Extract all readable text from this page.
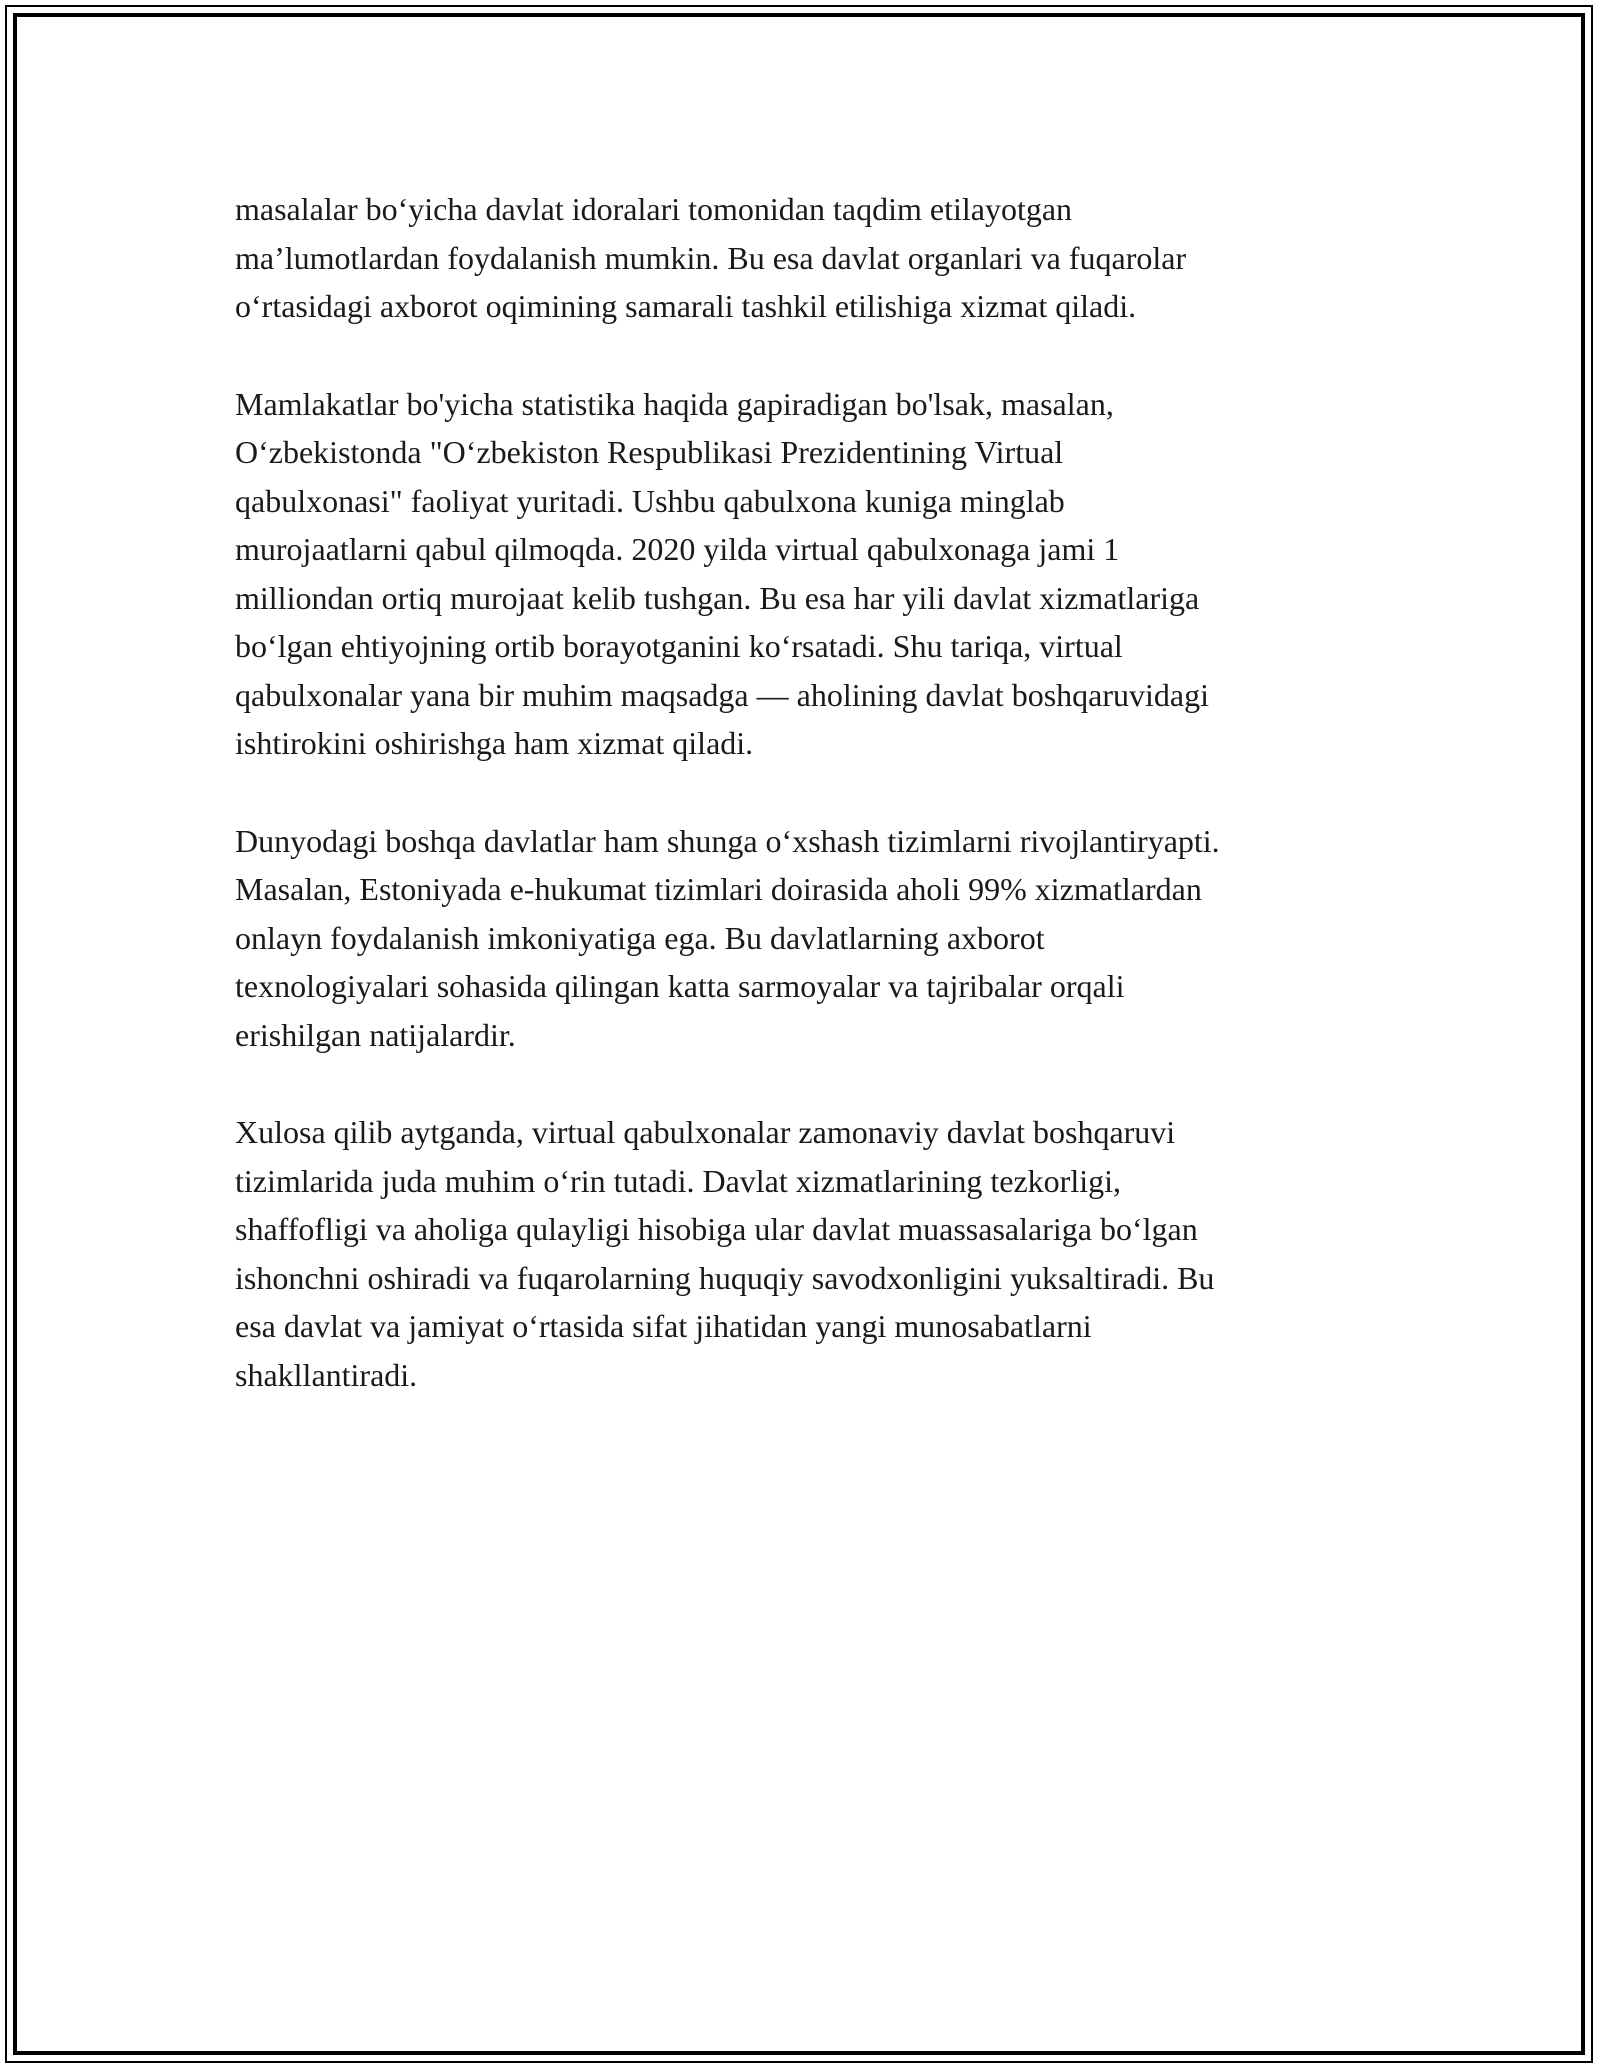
masalalar bo‘yicha davlat idoralari tomonidan taqdim etilayotgan
ma’lumotlardan foydalanish mumkin. Bu esa davlat organlari va fuqarolar
o‘rtasidagi axborot oqimining samarali tashkil etilishiga xizmat qiladi.

Mamlakatlar bo'yicha statistika haqida gapiradigan bo'lsak, masalan,
O‘zbekistonda "O‘zbekiston Respublikasi Prezidentining Virtual
qabulxonasi" faoliyat yuritadi. Ushbu qabulxona kuniga minglab
murojaatlarni qabul qilmoqda. 2020 yilda virtual qabulxonaga jami 1
milliondan ortiq murojaat kelib tushgan. Bu esa har yili davlat xizmatlariga
bo‘lgan ehtiyojning ortib borayotganini ko‘rsatadi. Shu tariqa, virtual
qabulxonalar yana bir muhim maqsadga — aholining davlat boshqaruvidagi
ishtirokini oshirishga ham xizmat qiladi.

Dunyodagi boshqa davlatlar ham shunga o‘xshash tizimlarni rivojlantiryapti.
Masalan, Estoniyada e-hukumat tizimlari doirasida aholi 99% xizmatlardan
onlayn foydalanish imkoniyatiga ega. Bu davlatlarning axborot
texnologiyalari sohasida qilingan katta sarmoyalar va tajribalar orqali
erishilgan natijalardir.

Xulosa qilib aytganda, virtual qabulxonalar zamonaviy davlat boshqaruvi
tizimlarida juda muhim o‘rin tutadi. Davlat xizmatlarining tezkorligi,
shaffofligi va aholiga qulayligi hisobiga ular davlat muassasalariga bo‘lgan
ishonchni oshiradi va fuqarolarning huquqiy savodxonligini yuksaltiradi. Bu
esa davlat va jamiyat o‘rtasida sifat jihatidan yangi munosabatlarni
shakllantiradi.
